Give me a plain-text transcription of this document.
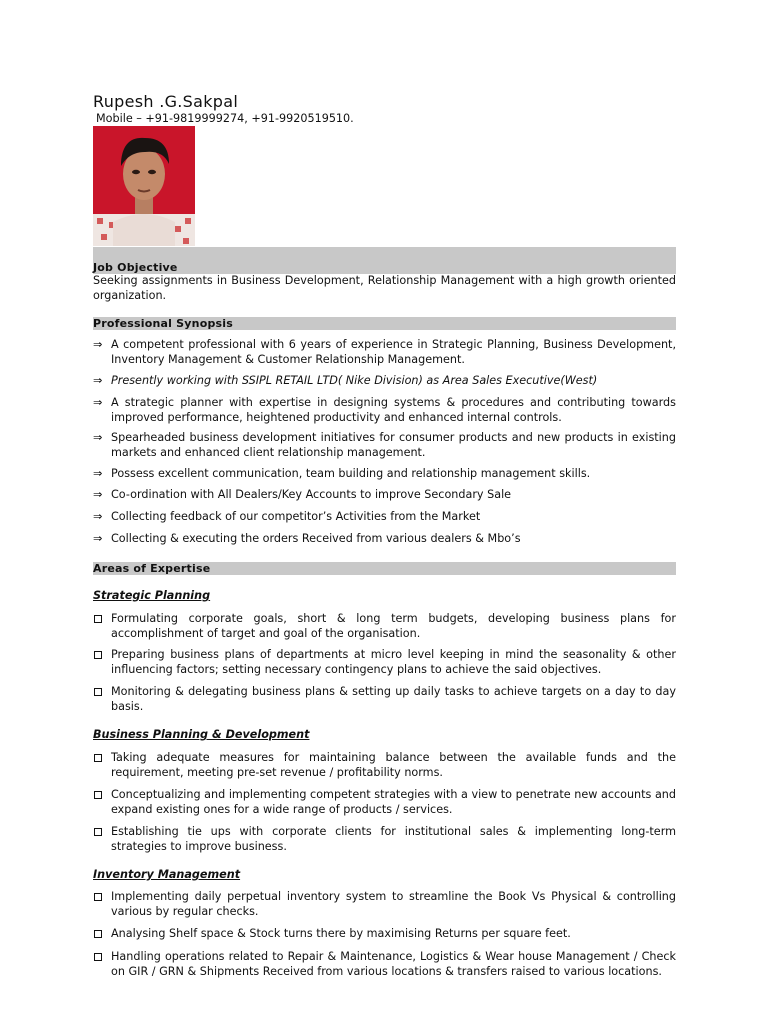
Rupesh .G.Sakpal
Mobile – +91-9819999274, +91-9920519510.
Job Objective
Seeking assignments in Business Development, Relationship Management with a high growth oriented organization.
Professional Synopsis
⇒ A competent professional with 6 years of experience in Strategic Planning, Business Development, Inventory Management & Customer Relationship Management.
⇒ Presently working with SSIPL RETAIL LTD( Nike Division) as Area Sales Executive(West)
⇒ A strategic planner with expertise in designing systems & procedures and contributing towards improved performance, heightened productivity and enhanced internal controls.
⇒ Spearheaded business development initiatives for consumer products and new products in existing markets and enhanced client relationship management.
⇒ Possess excellent communication, team building and relationship management skills.
⇒ Co-ordination with All Dealers/Key Accounts to improve Secondary Sale
⇒ Collecting feedback of our competitor’s Activities from the Market
⇒ Collecting & executing the orders Received from various dealers & Mbo’s
Areas of Expertise
Strategic Planning
Formulating corporate goals, short & long term budgets, developing business plans for accomplishment of target and goal of the organisation.
Preparing business plans of departments at micro level keeping in mind the seasonality & other influencing factors; setting necessary contingency plans to achieve the said objectives.
Monitoring & delegating business plans & setting up daily tasks to achieve targets on a day to day basis.
Business Planning & Development
Taking adequate measures for maintaining balance between the available funds and the requirement, meeting pre-set revenue / profitability norms.
Conceptualizing and implementing competent strategies with a view to penetrate new accounts and expand existing ones for a wide range of products / services.
Establishing tie ups with corporate clients for institutional sales & implementing long-term strategies to improve business.
Inventory Management
Implementing daily perpetual inventory system to streamline the Book Vs Physical & controlling various by regular checks.
Analysing Shelf space & Stock turns there by maximising Returns per square feet.
Handling operations related to Repair & Maintenance, Logistics & Wear house Management / Check on GIR / GRN & Shipments Received from various locations & transfers raised to various locations.
